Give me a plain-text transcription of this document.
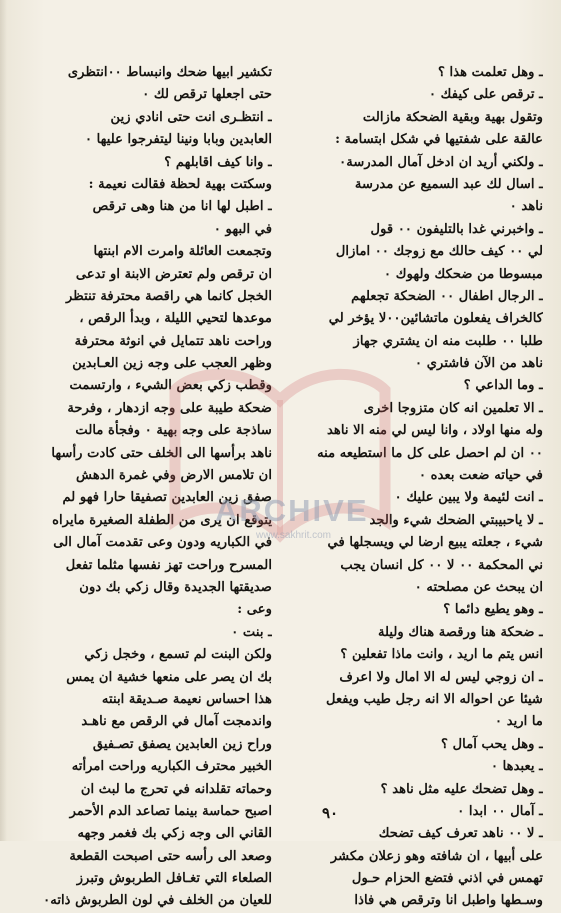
ـ وهل تعلمت هذا ؟
ـ ترقص على كيفك ٠
وتقول بهية وبقية الضحكة مازالت
عالقة على شفتيها في شكل ابتسامة :
ـ ولكني أريد ان ادخل آمال المدرسة٠
ـ اسال لك عبد السميع عن مدرسة
ناهد ٠
ـ واخبرني غدا بالتليفون ٠٠ قول
لي ٠٠ كيف حالك مع زوجك ٠٠ امازال
مبسوطا من ضحكك ولهوك ٠
ـ الرجال اطفال ٠٠ الضحكة تجعلهم
كالخراف يفعلون ماتشائين٠٠لا يؤخر لي
طلبا ٠٠ طلبت منه ان يشتري جهاز
ناهد من الآن فاشتري ٠
ـ وما الداعي ؟
ـ الا تعلمين انه كان متزوجا اخرى
وله منها اولاد ، وانا ليس لي منه الا ناهد
٠٠ ان لم احصل على كل ما استطيعه منه
في حياته ضعت بعده ٠
ـ انت لئيمة ولا يبين عليك ٠
ـ لا ياحبيبتي الضحك شيء والجد
شيء ، جعلته يبيع ارضا لي ويسجلها في
ني المحكمة ٠٠ لا ٠٠ كل انسان يجب
ان يبحث عن مصلحته ٠
ـ وهو يطيع دائما ؟
ـ ضحكة هنا ورقصة هناك وليلة
انس يتم ما اريد ، وانت ماذا تفعلين ؟
ـ ان زوجي ليس له الا امال ولا اعرف
شيئا عن احواله الا انه رجل طيب ويفعل
ما اريد ٠
ـ وهل يحب آمال ؟
ـ يعبدها ٠
ـ وهل تضحك عليه مثل ناهد ؟
ـ آمال ٠٠ ابدا ٠
ـ لا ٠٠ ناهد تعرف كيف تضحك
على أبيها ، ان شافته وهو زعلان مكشر
تهمس في اذني فتضع الحزام حـول
وسـطها واطبل انا وترقص هي فاذا
تكشير ابيها ضحك وانبساط ٠٠انتظرى
حتى اجعلها ترقص لك ٠
ـ انتظـرى انت حتى انادي زين
العابدين وبابا ونينا ليتفرجوا عليها ٠
ـ وانا كيف اقابلهم ؟
وسكتت بهية لحظة فقالت نعيمة :
ـ اطبل لها انا من هنا وهى ترقص
في البهو ٠
وتجمعت العائلة وامرت الام ابنتها
ان ترقص ولم تعترض الابنة او تدعى
الخجل كانما هي راقصة محترفة تنتظر
موعدها لتحيي الليلة ، وبدأ الرقص ،
وراحت ناهد تتمايل في انوثة محترفة
وظهر العجب على وجه زين العـابدين
وقطب زكي بعض الشيء ، وارتسمت
ضحكة طيبة على وجه ازدهار ، وفرحة
ساذجة على وجه بهية ٠ وفجأة مالت
ناهد برأسها الى الخلف حتى كادت رأسها
ان تلامس الارض وفي غمرة الدهش
صفق زين العابدين تصفيقا حارا فهو لم
يتوقع ان يرى من الطفلة الصغيرة مايراه
في الكباريه ودون وعى تقدمت آمال الى
المسرح وراحت تهز نفسها مثلما تفعل
صديقتها الجديدة وقال زكي بك دون
وعى :
ـ بنت ٠
ولكن البنت لم تسمع ، وخجل زكي
بك ان يصر على منعها خشية ان يمس
هذا احساس نعيمة صـديقة ابنته
واندمجت آمال في الرقص مع ناهـد
وراح زين العابدين يصفق تصـفيق
الخبير محترف الكباريه وراحت امرأته
وحماته تقلدانه في تحرج ما لبث ان
اصبح حماسة بينما تصاعد الدم الأحمر
القاني الى وجه زكي بك فغمر وجهه
وصعد الى رأسه حتى اصبحت القطعة
الصلعاء التي تغـافل الطربوش وتبرز
للعيان من الخلف في لون الطربوش ذاته٠
ARCHIVE
www.sakhrit.com
٩٠
